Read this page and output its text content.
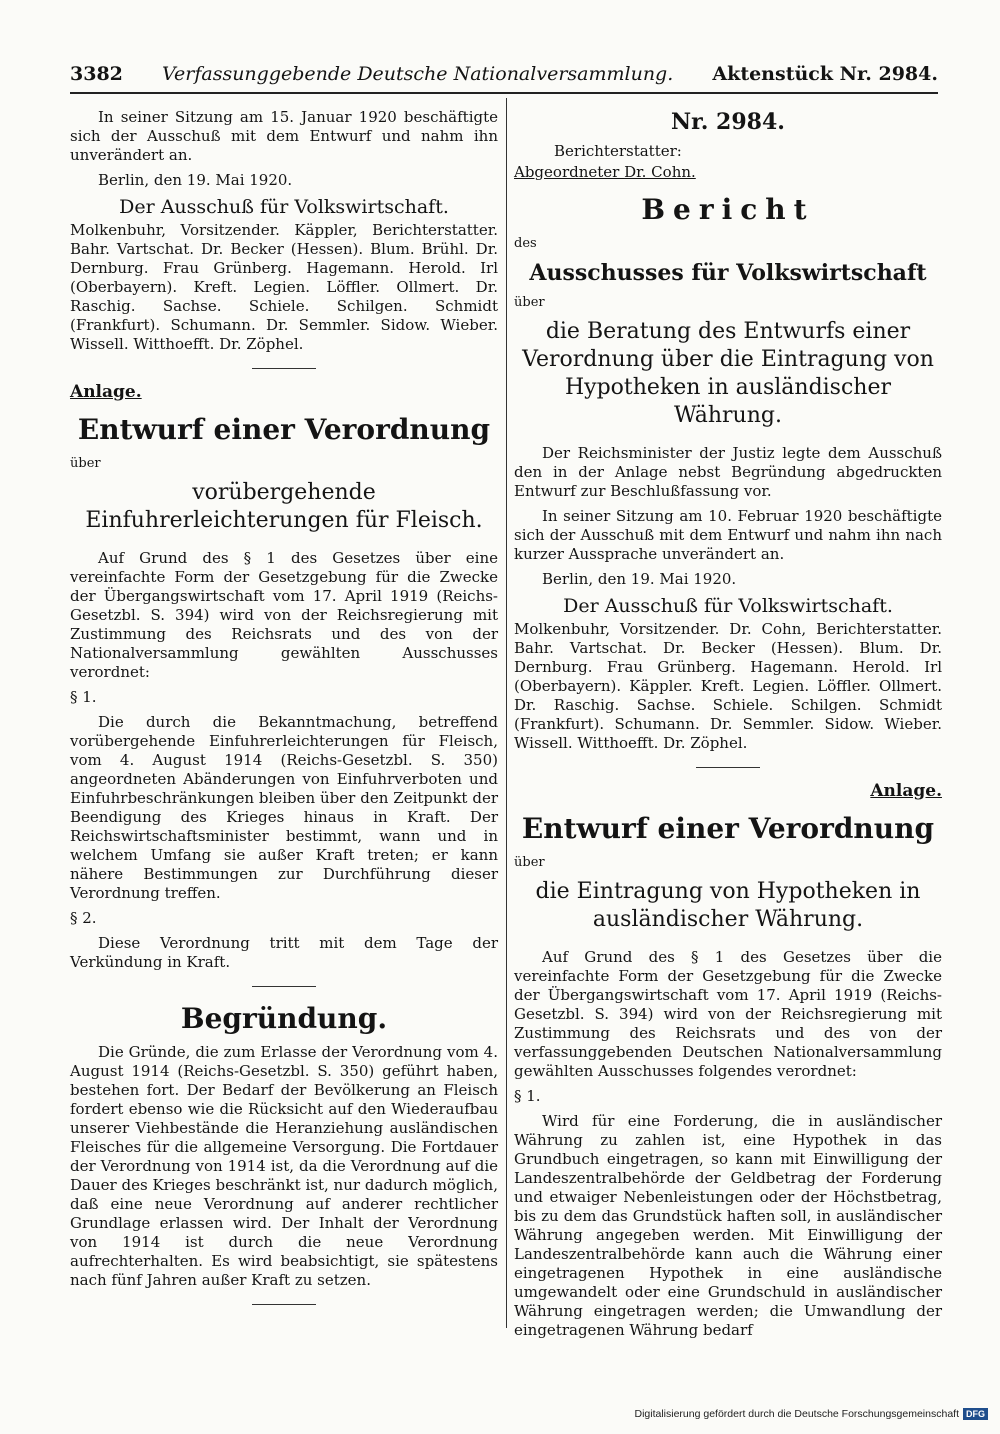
3382 Verfassunggebende Deutsche Nationalversammlung. Aktenstück Nr. 2984.

In seiner Sitzung am 15. Januar 1920 beschäftigte sich der Ausschuß mit dem Entwurf und nahm ihn unverändert an.

Berlin, den 19. Mai 1920.

Der Ausschuß für Volkswirtschaft.

Molkenbuhr, Vorsitzender. Käppler, Berichterstatter. Bahr. Vartschat. Dr. Becker (Hessen). Blum. Brühl. Dr. Dernburg. Frau Grünberg. Hagemann. Herold. Irl (Oberbayern). Kreft. Legien. Löffler. Ollmert. Dr. Raschig. Sachse. Schiele. Schilgen. Schmidt (Frankfurt). Schumann. Dr. Semmler. Sidow. Wieber. Wissell. Witthoefft. Dr. Zöphel.

Anlage.
Entwurf einer Verordnung

über

vorübergehende Einfuhrerleichterungen für Fleisch.

Auf Grund des § 1 des Gesetzes über eine vereinfachte Form der Gesetzgebung für die Zwecke der Übergangswirtschaft vom 17. April 1919 (Reichs-Gesetzbl. S. 394) wird von der Reichsregierung mit Zustimmung des Reichsrats und des von der Nationalversammlung gewählten Ausschusses verordnet:

§ 1.

Die durch die Bekanntmachung, betreffend vorübergehende Einfuhrerleichterungen für Fleisch, vom 4. August 1914 (Reichs-Gesetzbl. S. 350) angeordneten Abänderungen von Einfuhrverboten und Einfuhrbeschränkungen bleiben über den Zeitpunkt der Beendigung des Krieges hinaus in Kraft. Der Reichswirtschaftsminister bestimmt, wann und in welchem Umfang sie außer Kraft treten; er kann nähere Bestimmungen zur Durchführung dieser Verordnung treffen.

§ 2.

Diese Verordnung tritt mit dem Tage der Verkündung in Kraft.

Begründung.

Die Gründe, die zum Erlasse der Verordnung vom 4. August 1914 (Reichs-Gesetzbl. S. 350) geführt haben, bestehen fort. Der Bedarf der Bevölkerung an Fleisch fordert ebenso wie die Rücksicht auf den Wiederaufbau unserer Viehbestände die Heranziehung ausländischen Fleisches für die allgemeine Versorgung. Die Fortdauer der Verordnung von 1914 ist, da die Verordnung auf die Dauer des Krieges beschränkt ist, nur dadurch möglich, daß eine neue Verordnung auf anderer rechtlicher Grundlage erlassen wird. Der Inhalt der Verordnung von 1914 ist durch die neue Verordnung aufrechterhalten. Es wird beabsichtigt, sie spätestens nach fünf Jahren außer Kraft zu setzen.

Nr. 2984.

Berichterstatter:

Abgeordneter Dr. Cohn.

Bericht

des

Ausschusses für Volkswirtschaft

über

die Beratung des Entwurfs einer Verordnung über die Eintragung von Hypotheken in ausländischer Währung.

Der Reichsminister der Justiz legte dem Ausschuß den in der Anlage nebst Begründung abgedruckten Entwurf zur Beschlußfassung vor.

In seiner Sitzung am 10. Februar 1920 beschäftigte sich der Ausschuß mit dem Entwurf und nahm ihn nach kurzer Aussprache unverändert an.

Berlin, den 19. Mai 1920.

Der Ausschuß für Volkswirtschaft.

Molkenbuhr, Vorsitzender. Dr. Cohn, Berichterstatter. Bahr. Vartschat. Dr. Becker (Hessen). Blum. Dr. Dernburg. Frau Grünberg. Hagemann. Herold. Irl (Oberbayern). Käppler. Kreft. Legien. Löffler. Ollmert. Dr. Raschig. Sachse. Schiele. Schilgen. Schmidt (Frankfurt). Schumann. Dr. Semmler. Sidow. Wieber. Wissell. Witthoefft. Dr. Zöphel.

Anlage.
Entwurf einer Verordnung

über

die Eintragung von Hypotheken in ausländischer Währung.

Auf Grund des § 1 des Gesetzes über die vereinfachte Form der Gesetzgebung für die Zwecke der Übergangswirtschaft vom 17. April 1919 (Reichs-Gesetzbl. S. 394) wird von der Reichsregierung mit Zustimmung des Reichsrats und des von der verfassunggebenden Deutschen Nationalversammlung gewählten Ausschusses folgendes verordnet:

§ 1.

Wird für eine Forderung, die in ausländischer Währung zu zahlen ist, eine Hypothek in das Grundbuch eingetragen, so kann mit Einwilligung der Landeszentralbehörde der Geldbetrag der Forderung und etwaiger Nebenleistungen oder der Höchstbetrag, bis zu dem das Grundstück haften soll, in ausländischer Währung angegeben werden. Mit Einwilligung der Landeszentralbehörde kann auch die Währung einer eingetragenen Hypothek in eine ausländische umgewandelt oder eine Grundschuld in ausländischer Währung eingetragen werden; die Umwandlung der eingetragenen Währung bedarf

Digitalisierung gefördert durch die Deutsche Forschungsgemeinschaft DFG
